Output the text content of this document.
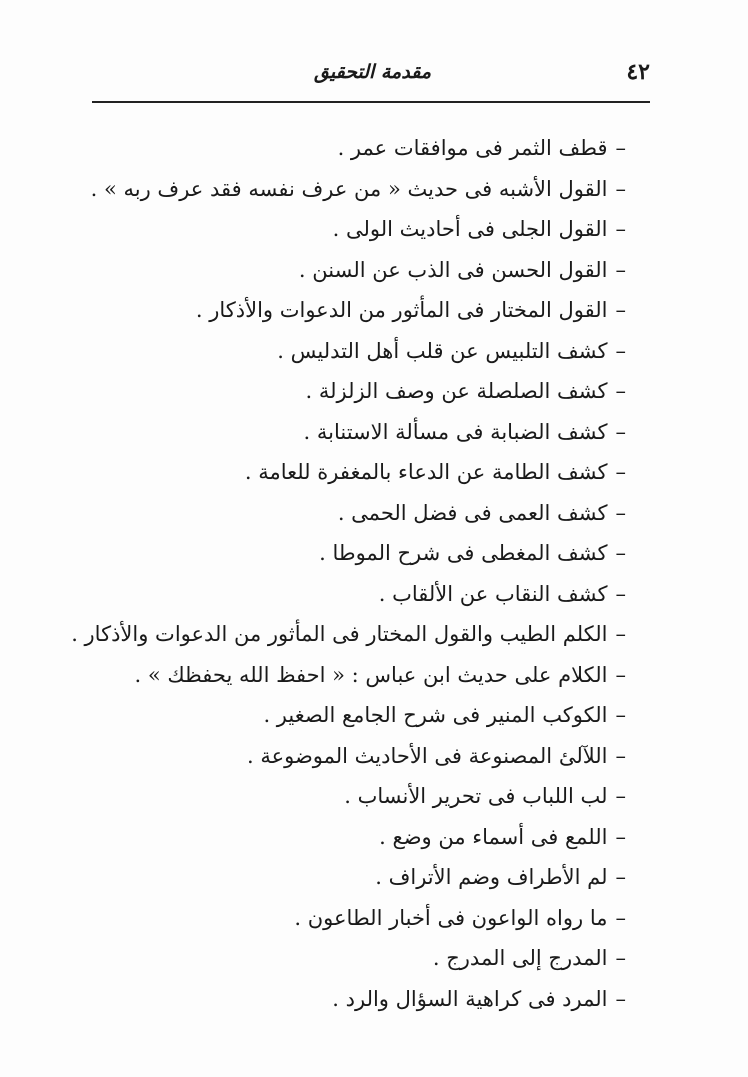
٤٢
مقدمة التحقيق
–قطف الثمر فى موافقات عمر .
–القول الأشبه فى حديث « من عرف نفسه فقد عرف ربه » .
–القول الجلى فى أحاديث الولى .
–القول الحسن فى الذب عن السنن .
–القول المختار فى المأثور من الدعوات والأذكار .
–كشف التلبيس عن قلب أهل التدليس .
–كشف الصلصلة عن وصف الزلزلة .
–كشف الضبابة فى مسألة الاستنابة .
–كشف الطامة عن الدعاء بالمغفرة للعامة .
–كشف العمى فى فضل الحمى .
–كشف المغطى فى شرح الموطا .
–كشف النقاب عن الألقاب .
–الكلم الطيب والقول المختار فى المأثور من الدعوات والأذكار .
–الكلام على حديث ابن عباس : « احفظ الله يحفظك » .
–الكوكب المنير فى شرح الجامع الصغير .
–اللآلئ المصنوعة فى الأحاديث الموضوعة .
–لب اللباب فى تحرير الأنساب .
–اللمع فى أسماء من وضع .
–لم الأطراف وضم الأتراف .
–ما رواه الواعون فى أخبار الطاعون .
–المدرج إلى المدرج .
–المرد فى كراهية السؤال والرد .
